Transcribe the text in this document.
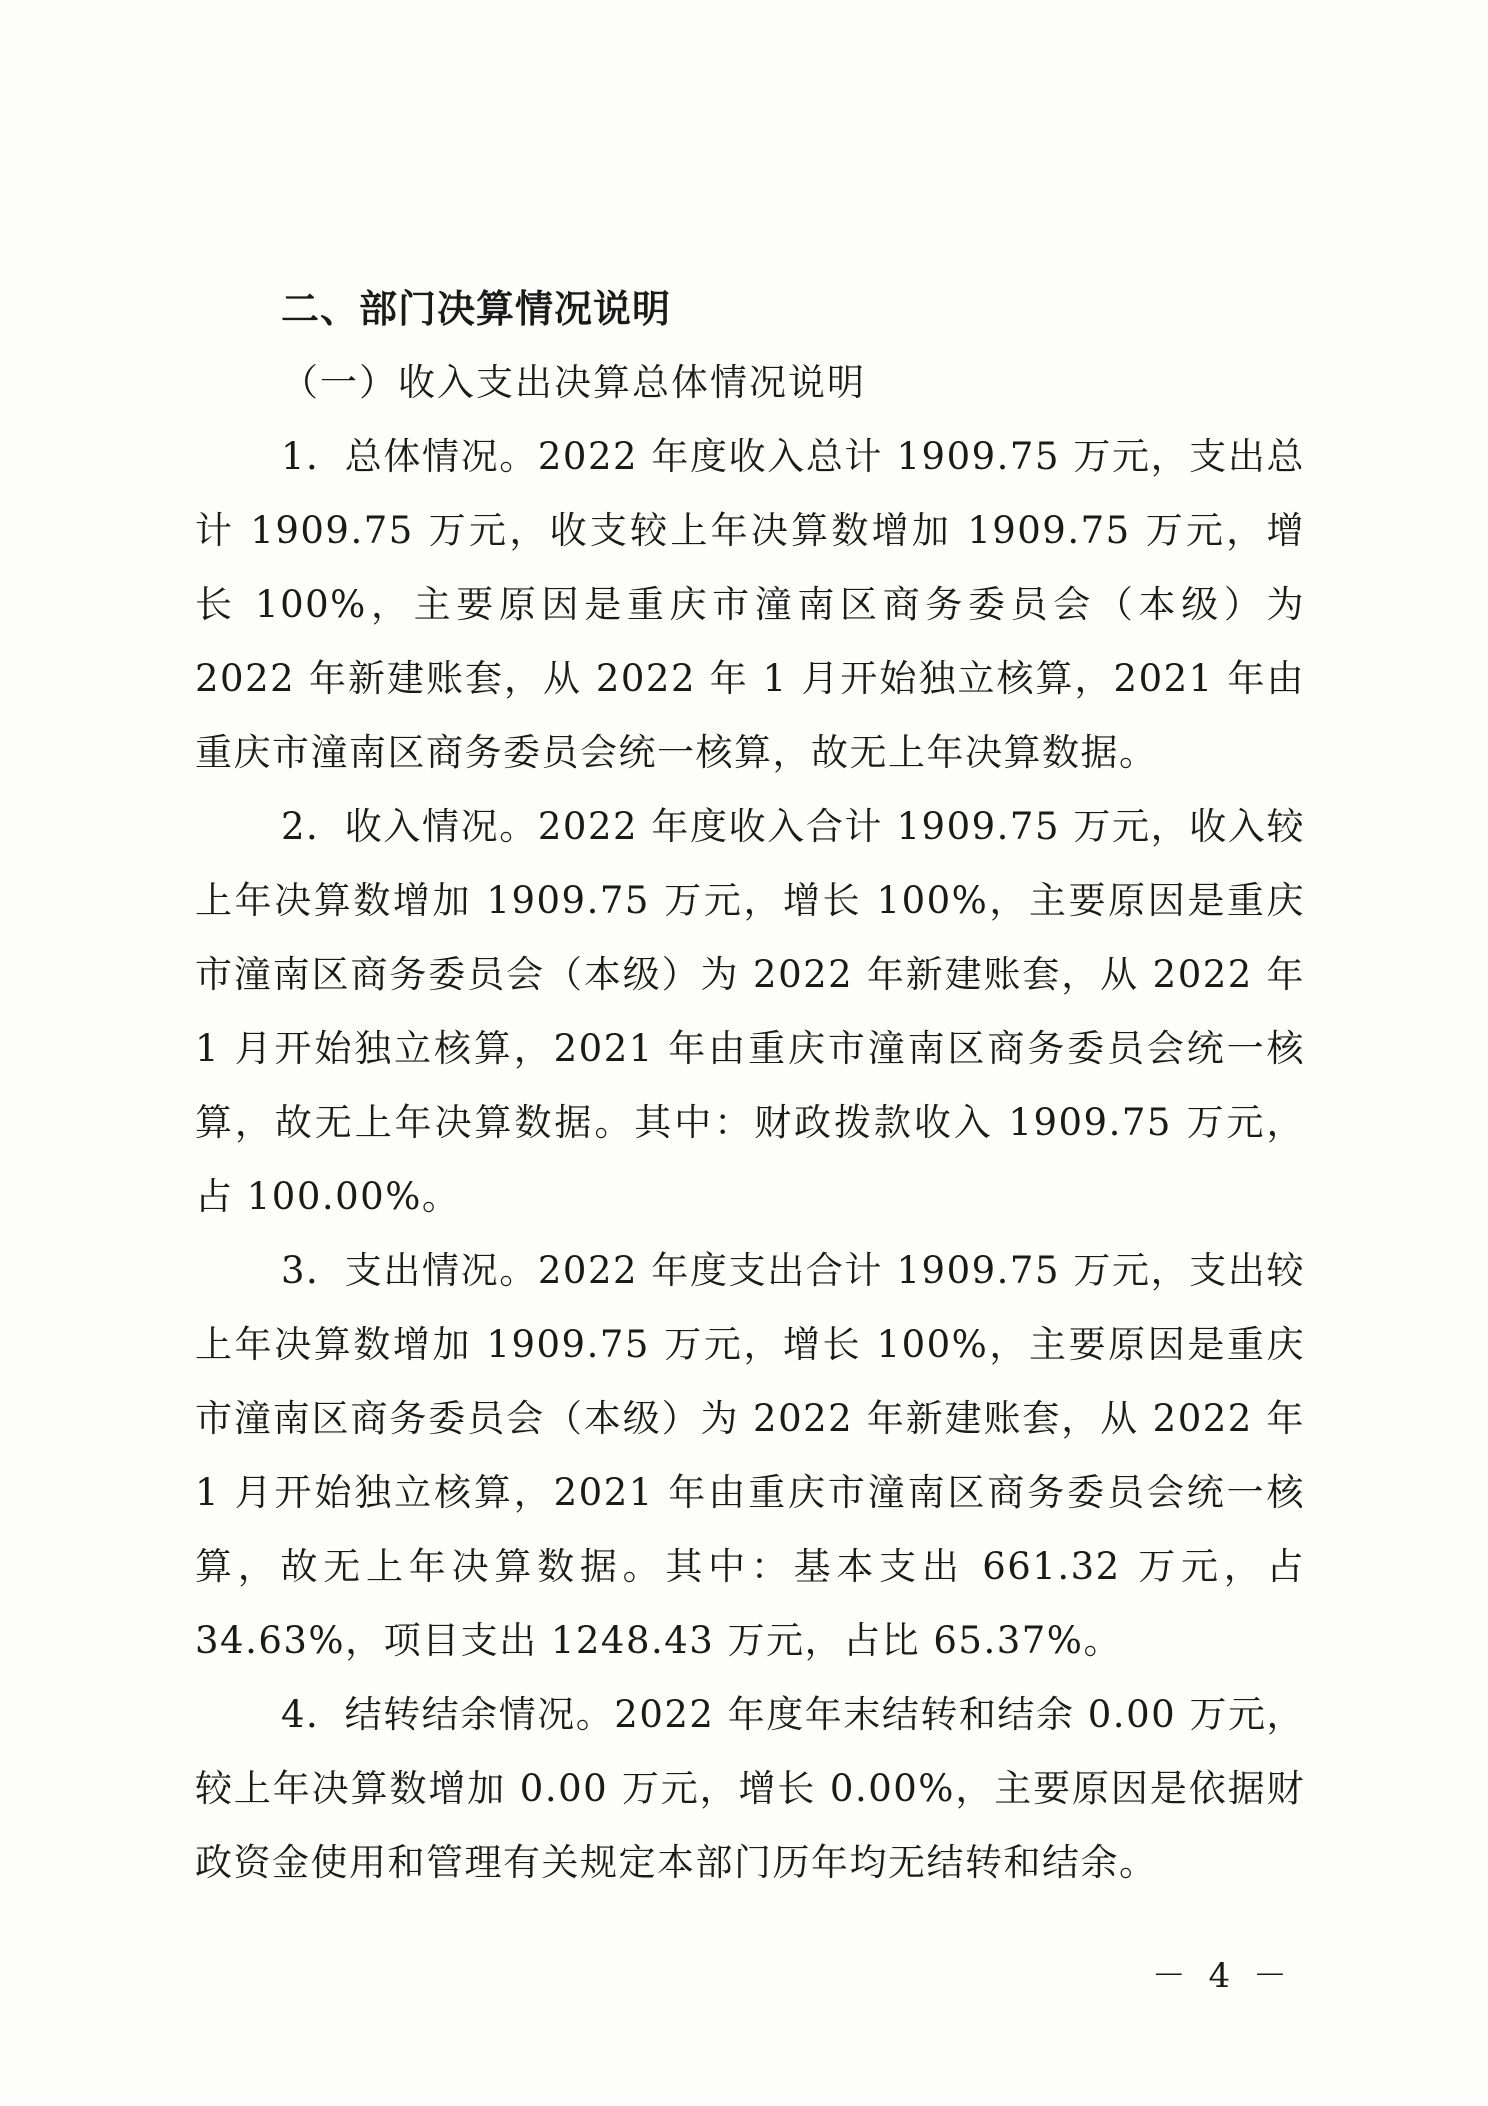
二、部门决算情况说明

（一）收入支出决算总体情况说明

1．总体情况。2022 年度收入总计 1909.75 万元，支出总计 1909.75 万元，收支较上年决算数增加 1909.75 万元，增长 100%，主要原因是重庆市潼南区商务委员会（本级）为 2022 年新建账套，从 2022 年 1 月开始独立核算，2021 年由重庆市潼南区商务委员会统一核算，故无上年决算数据。

2．收入情况。2022 年度收入合计 1909.75 万元，收入较上年决算数增加 1909.75 万元，增长 100%，主要原因是重庆市潼南区商务委员会（本级）为 2022 年新建账套，从 2022 年 1 月开始独立核算，2021 年由重庆市潼南区商务委员会统一核算，故无上年决算数据。其中：财政拨款收入 1909.75 万元，占 100.00%。

3．支出情况。2022 年度支出合计 1909.75 万元，支出较上年决算数增加 1909.75 万元，增长 100%，主要原因是重庆市潼南区商务委员会（本级）为 2022 年新建账套，从 2022 年 1 月开始独立核算，2021 年由重庆市潼南区商务委员会统一核算，故无上年决算数据。其中：基本支出 661.32 万元，占 34.63%，项目支出 1248.43 万元，占比 65.37%。

4．结转结余情况。2022 年度年末结转和结余 0.00 万元，较上年决算数增加 0.00 万元，增长 0.00%，主要原因是依据财政资金使用和管理有关规定本部门历年均无结转和结余。

－ 4 －
